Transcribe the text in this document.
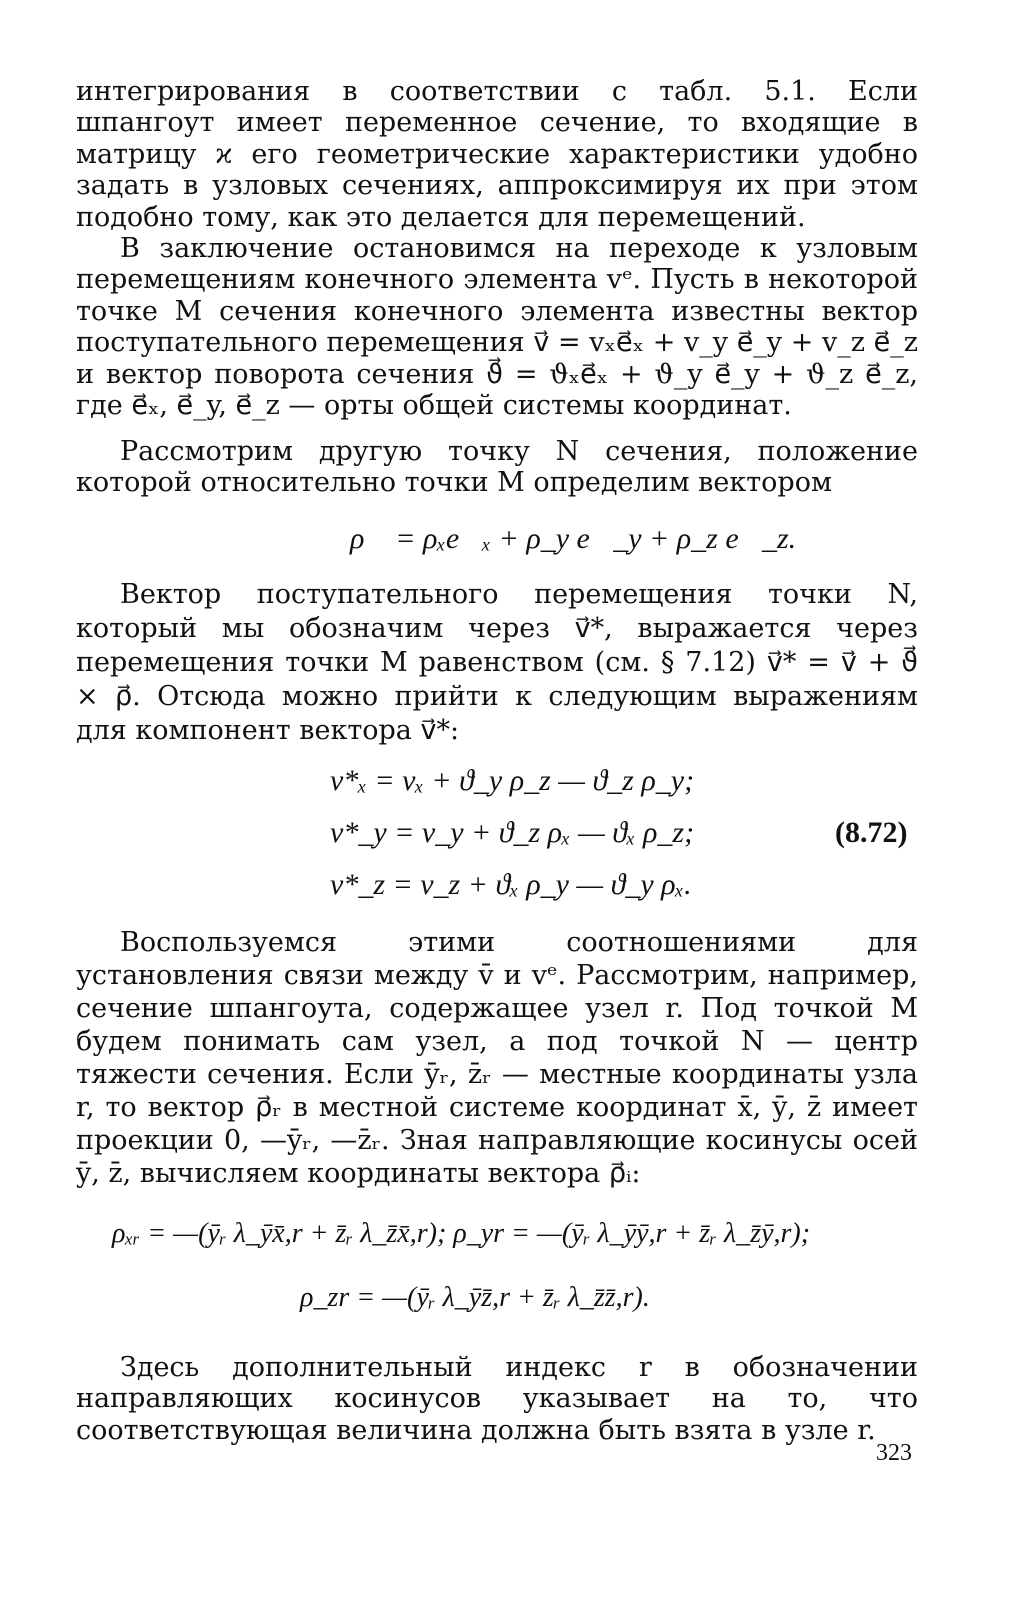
интегрирования в соответствии с табл. 5.1. Если шпангоут имеет переменное сечение, то входящие в матрицу ϰ его геометрические характеристики удобно задать в узловых сечениях, аппроксимируя их при этом подобно тому, как это делается для перемещений.

В заключение остановимся на переходе к узловым перемещениям конечного элемента vᵉ. Пусть в некоторой точке M сечения конечного элемента известны вектор поступательного перемещения v⃗ = vₓe⃗ₓ + v_y e⃗_y + v_z e⃗_z и вектор поворота сечения ϑ⃗ = ϑₓe⃗ₓ + ϑ_y e⃗_y + ϑ_z e⃗_z, где e⃗ₓ, e⃗_y, e⃗_z — орты общей системы координат.

Рассмотрим другую точку N сечения, положение которой относительно точки M определим вектором

ρ⃗ = ρₓe⃗ₓ + ρ_y e⃗_y + ρ_z e⃗_z.

Вектор поступательного перемещения точки N, который мы обозначим через v⃗*, выражается через перемещения точки M равенством (см. § 7.12) v⃗* = v⃗ + ϑ⃗ × ρ⃗. Отсюда можно прийти к следующим выражениям для компонент вектора v⃗*:

v*ₓ = vₓ + ϑ_y ρ_z — ϑ_z ρ_y;
v*_y = v_y + ϑ_z ρₓ — ϑₓ ρ_z;
v*_z = v_z + ϑₓ ρ_y — ϑ_y ρₓ.
(8.72)

Воспользуемся этими соотношениями для установления связи между v̄ и vᵉ. Рассмотрим, например, сечение шпангоута, содержащее узел r. Под точкой M будем понимать сам узел, а под точкой N — центр тяжести сечения. Если ȳᵣ, z̄ᵣ — местные координаты узла r, то вектор ρ⃗ᵣ в местной системе координат x̄, ȳ, z̄ имеет проекции 0, —ȳᵣ, —z̄ᵣ. Зная направляющие косинусы осей ȳ, z̄, вычисляем координаты вектора ρ⃗ᵢ:

ρₓᵣ = —(ȳᵣ λ_ȳx̄,r + z̄ᵣ λ_z̄x̄,r); ρ_yr = —(ȳᵣ λ_ȳȳ,r + z̄ᵣ λ_z̄ȳ,r);
ρ_zr = —(ȳᵣ λ_ȳz̄,r + z̄ᵣ λ_z̄z̄,r).

Здесь дополнительный индекс r в обозначении направляющих косинусов указывает на то, что соответствующая величина должна быть взята в узле r.

323
